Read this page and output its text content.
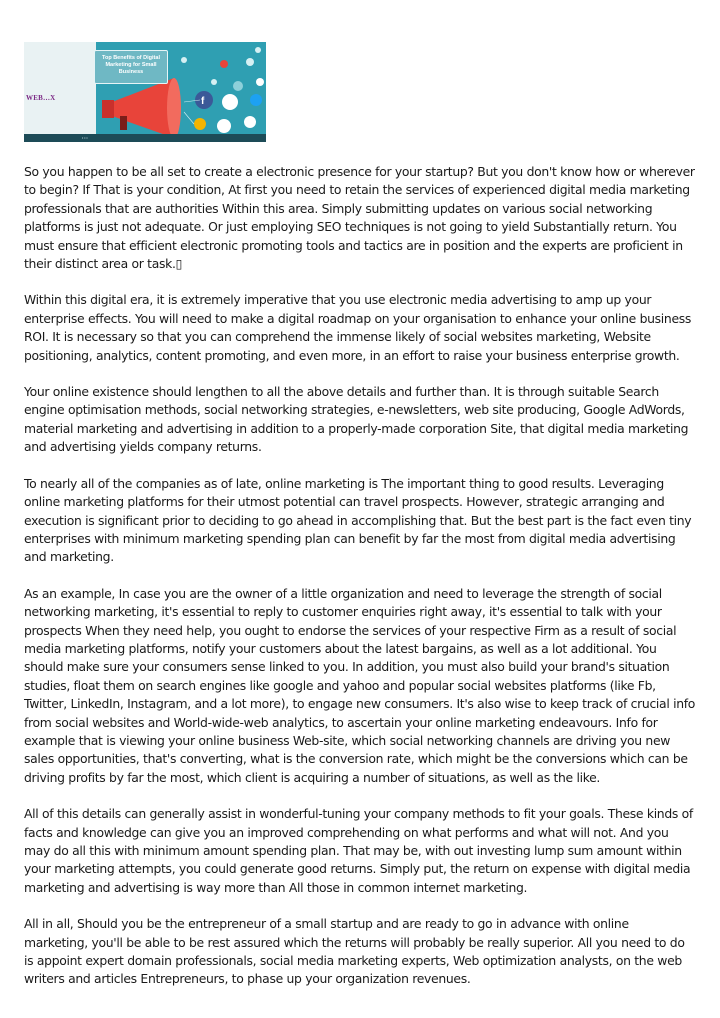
f
Top Benefits of Digital
Marketing for Small
Business
WEB…X
• • •

So you happen to be all set to create a electronic presence for your startup? But you don't know how or wherever to begin? If That is your condition, At first you need to retain the services of experienced digital media marketing professionals that are authorities Within this area. Simply submitting updates on various social networking platforms is just not adequate. Or just employing SEO techniques is not going to yield Substantially return. You must ensure that efficient electronic promoting tools and tactics are in position and the experts are proficient in their distinct area or task.▯

Within this digital era, it is extremely imperative that you use electronic media advertising to amp up your enterprise effects. You will need to make a digital roadmap on your organisation to enhance your online business ROI. It is necessary so that you can comprehend the immense likely of social websites marketing, Website positioning, analytics, content promoting, and even more, in an effort to raise your business enterprise growth.

Your online existence should lengthen to all the above details and further than. It is through suitable Search engine optimisation methods, social networking strategies, e-newsletters, web site producing, Google AdWords, material marketing and advertising in addition to a properly-made corporation Site, that digital media marketing and advertising yields company returns.

To nearly all of the companies as of late, online marketing is The important thing to good results. Leveraging online marketing platforms for their utmost potential can travel prospects. However, strategic arranging and execution is significant prior to deciding to go ahead in accomplishing that. But the best part is the fact even tiny enterprises with minimum marketing spending plan can benefit by far the most from digital media advertising and marketing.

As an example, In case you are the owner of a little organization and need to leverage the strength of social networking marketing, it's essential to reply to customer enquiries right away, it's essential to talk with your prospects When they need help, you ought to endorse the services of your respective Firm as a result of social media marketing platforms, notify your customers about the latest bargains, as well as a lot additional. You should make sure your consumers sense linked to you. In addition, you must also build your brand's situation studies, float them on search engines like google and yahoo and popular social websites platforms (like Fb, Twitter, LinkedIn, Instagram, and a lot more), to engage new consumers. It's also wise to keep track of crucial info from social websites and World-wide-web analytics, to ascertain your online marketing endeavours. Info for example that is viewing your online business Web-site, which social networking channels are driving you new sales opportunities, that's converting, what is the conversion rate, which might be the conversions which can be driving profits by far the most, which client is acquiring a number of situations, as well as the like.

All of this details can generally assist in wonderful-tuning your company methods to fit your goals. These kinds of facts and knowledge can give you an improved comprehending on what performs and what will not. And you may do all this with minimum amount spending plan. That may be, with out investing lump sum amount within your marketing attempts, you could generate good returns. Simply put, the return on expense with digital media marketing and advertising is way more than All those in common internet marketing.

All in all, Should you be the entrepreneur of a small startup and are ready to go in advance with online marketing, you'll be able to be rest assured which the returns will probably be really superior. All you need to do is appoint expert domain professionals, social media marketing experts, Web optimization analysts, on the web writers and articles Entrepreneurs, to phase up your organization revenues.
